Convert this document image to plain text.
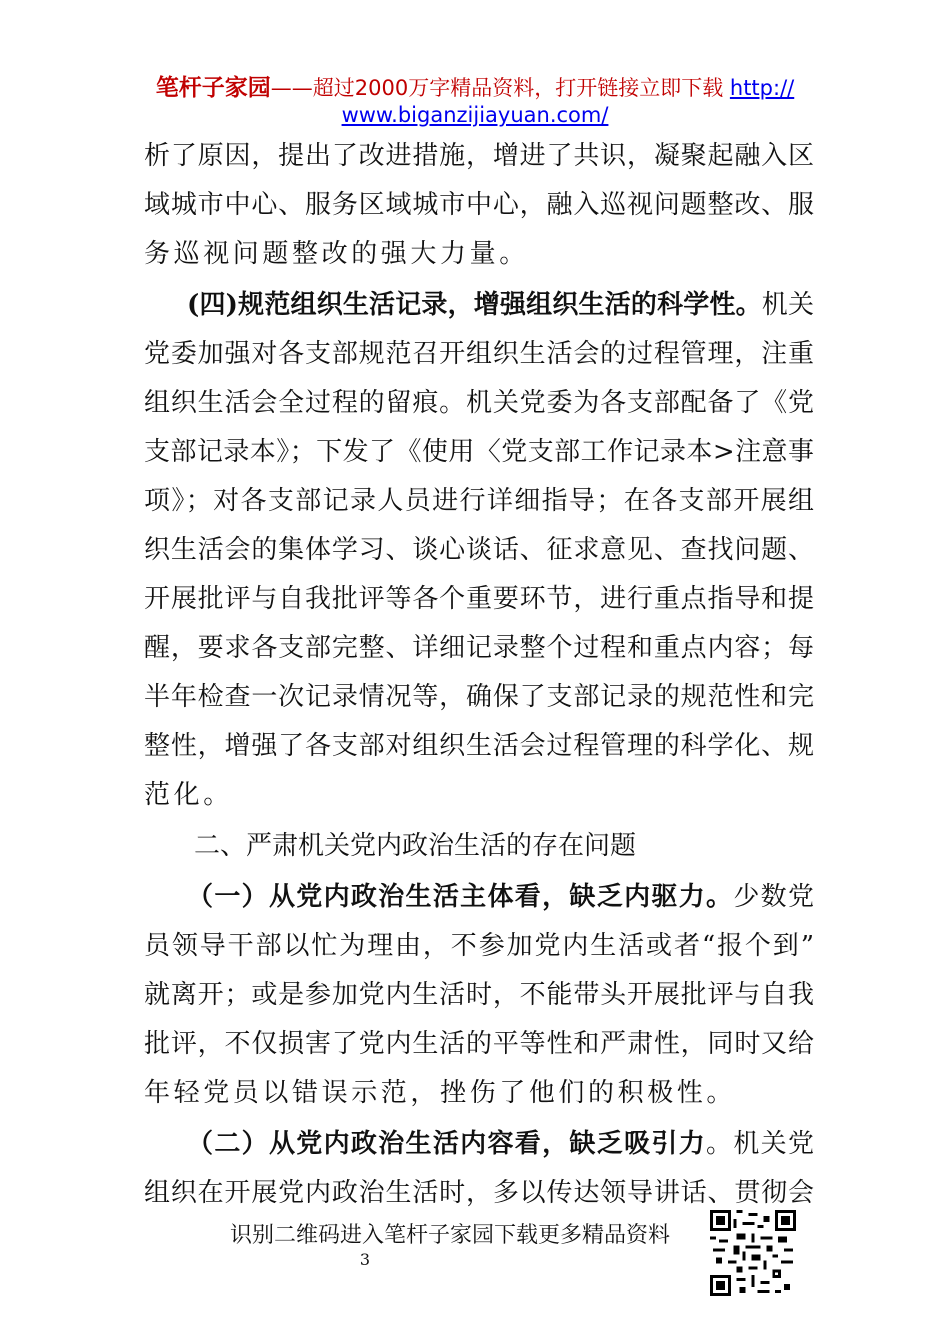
笔杆子家园——超过2000万字精品资料，打开链接立即下载 http://
www.biganzijiayuan.com/
析了原因，提出了改进措施，增进了共识，凝聚起融入区
域城市中心、服务区域城市中心，融入巡视问题整改、服
务巡视问题整改的强大力量。
(四)规范组织生活记录，增强组织生活的科学性。机关
党委加强对各支部规范召开组织生活会的过程管理，注重
组织生活会全过程的留痕。机关党委为各支部配备了《党
支部记录本》；下发了《使用〈党支部工作记录本>注意事
项》；对各支部记录人员进行详细指导；在各支部开展组
织生活会的集体学习、谈心谈话、征求意见、查找问题、
开展批评与自我批评等各个重要环节，进行重点指导和提
醒，要求各支部完整、详细记录整个过程和重点内容；每
半年检查一次记录情况等，确保了支部记录的规范性和完
整性，增强了各支部对组织生活会过程管理的科学化、规
范化。
二、严肃机关党内政治生活的存在问题
（一）从党内政治生活主体看，缺乏内驱力。少数党
员领导干部以忙为理由，不参加党内生活或者“报个到”
就离开；或是参加党内生活时，不能带头开展批评与自我
批评，不仅损害了党内生活的平等性和严肃性，同时又给
年轻党员以错误示范，挫伤了他们的积极性。
（二）从党内政治生活内容看，缺乏吸引力。机关党
组织在开展党内政治生活时，多以传达领导讲话、贯彻会
识别二维码进入笔杆子家园下载更多精品资料
3
